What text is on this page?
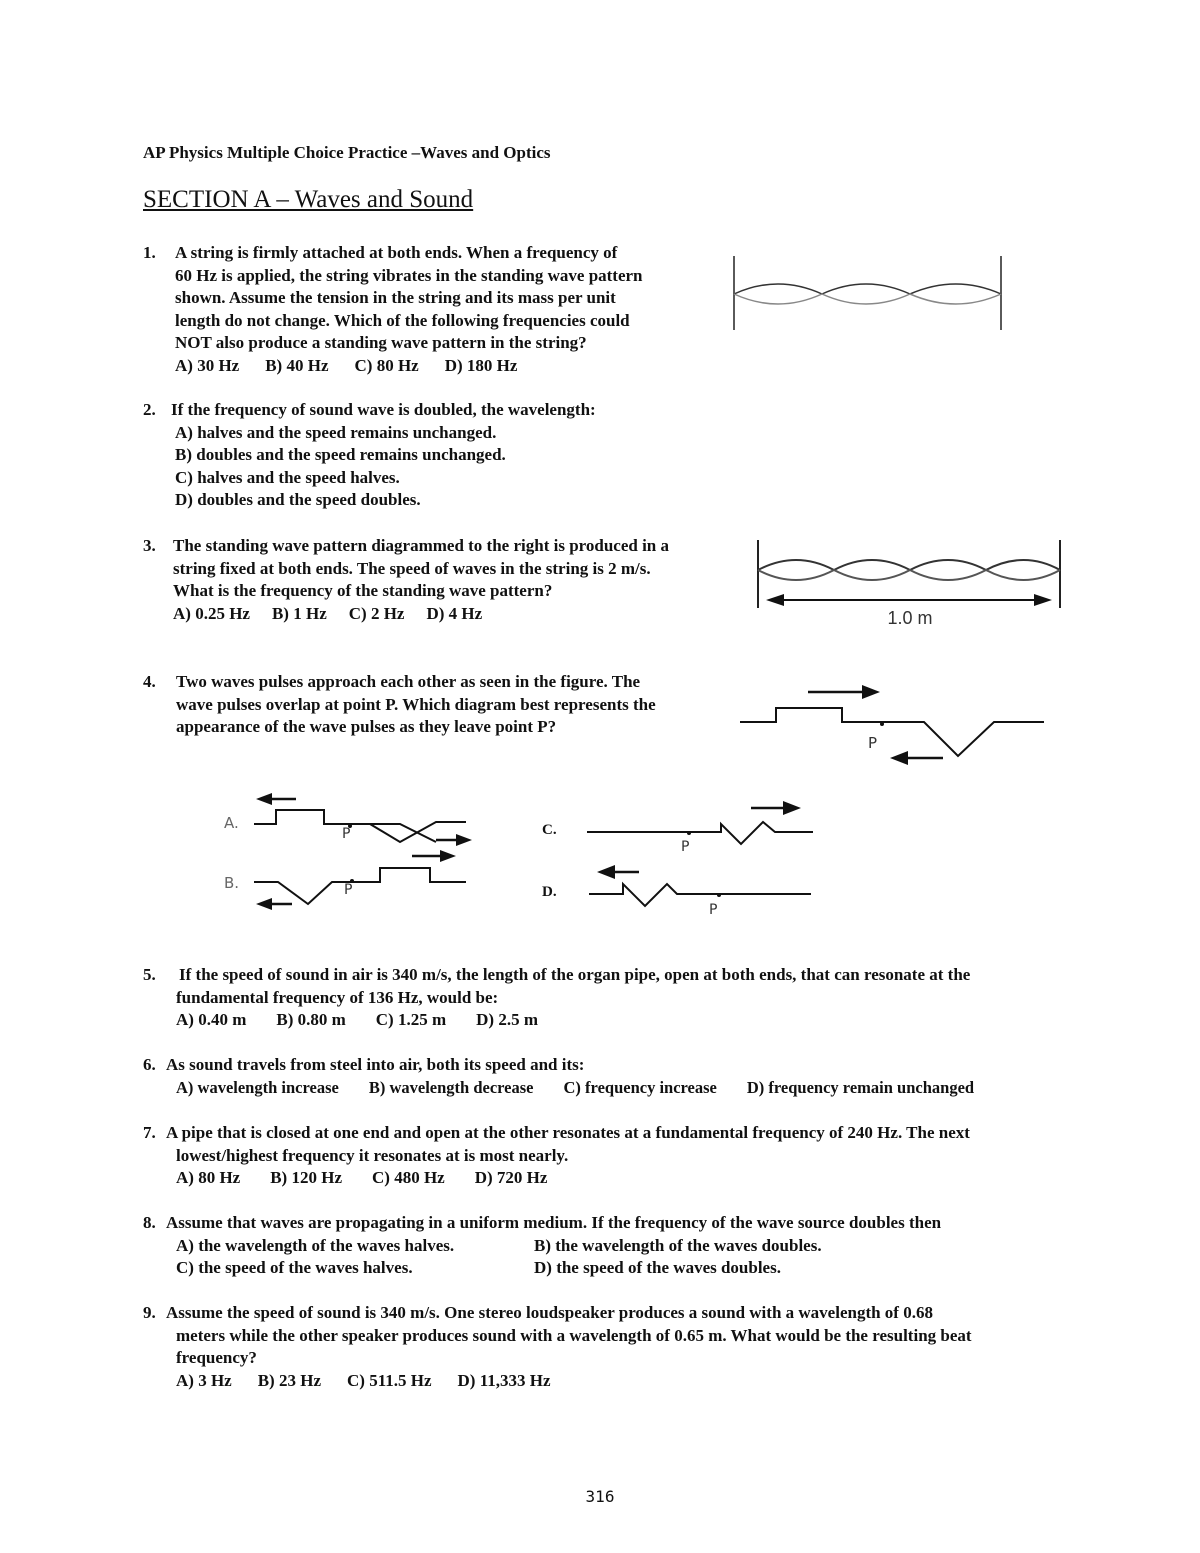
AP Physics Multiple Choice Practice –Waves and Optics
SECTION A – Waves and Sound
1. A string is firmly attached at both ends. When a frequency of
60 Hz is applied, the string vibrates in the standing wave pattern
shown. Assume the tension in the string and its mass per unit
length do not change. Which of the following frequencies could
NOT also produce a standing wave pattern in the string?
A) 30 Hz B) 40 Hz C) 80 Hz D) 180 Hz
2. If the frequency of sound wave is doubled, the wavelength:
A) halves and the speed remains unchanged.
B) doubles and the speed remains unchanged.
C) halves and the speed halves.
D) doubles and the speed doubles.
3. The standing wave pattern diagrammed to the right is produced in a
string fixed at both ends. The speed of waves in the string is 2 m/s.
What is the frequency of the standing wave pattern?
A) 0.25 Hz B) 1 Hz C) 2 Hz D) 4 Hz	1.0 m
4. Two waves pulses approach each other as seen in the figure. The
wave pulses overlap at point P. Which diagram best represents the
appearance of the wave pulses as they leave point P?
P
A.
P
B.	P
C.
P
D.
P
5. If the speed of sound in air is 340 m/s, the length of the organ pipe, open at both ends, that can resonate at the
fundamental frequency of 136 Hz, would be:
A) 0.40 m B) 0.80 m C) 1.25 m D) 2.5 m
6. As sound travels from steel into air, both its speed and its:
A) wavelength increase B) wavelength decrease C) frequency increase D) frequency remain unchanged
7. A pipe that is closed at one end and open at the other resonates at a fundamental frequency of 240 Hz. The next
lowest/highest frequency it resonates at is most nearly.
A) 80 Hz B) 120 Hz C) 480 Hz D) 720 Hz
8. Assume that waves are propagating in a uniform medium. If the frequency of the wave source doubles then
A) the wavelength of the waves halves.	B) the wavelength of the waves doubles.
C) the speed of the waves halves.	D) the speed of the waves doubles.
9. Assume the speed of sound is 340 m/s. One stereo loudspeaker produces a sound with a wavelength of 0.68
meters while the other speaker produces sound with a wavelength of 0.65 m. What would be the resulting beat
frequency?
A) 3 Hz B) 23 Hz C) 511.5 Hz D) 11,333 Hz
316
